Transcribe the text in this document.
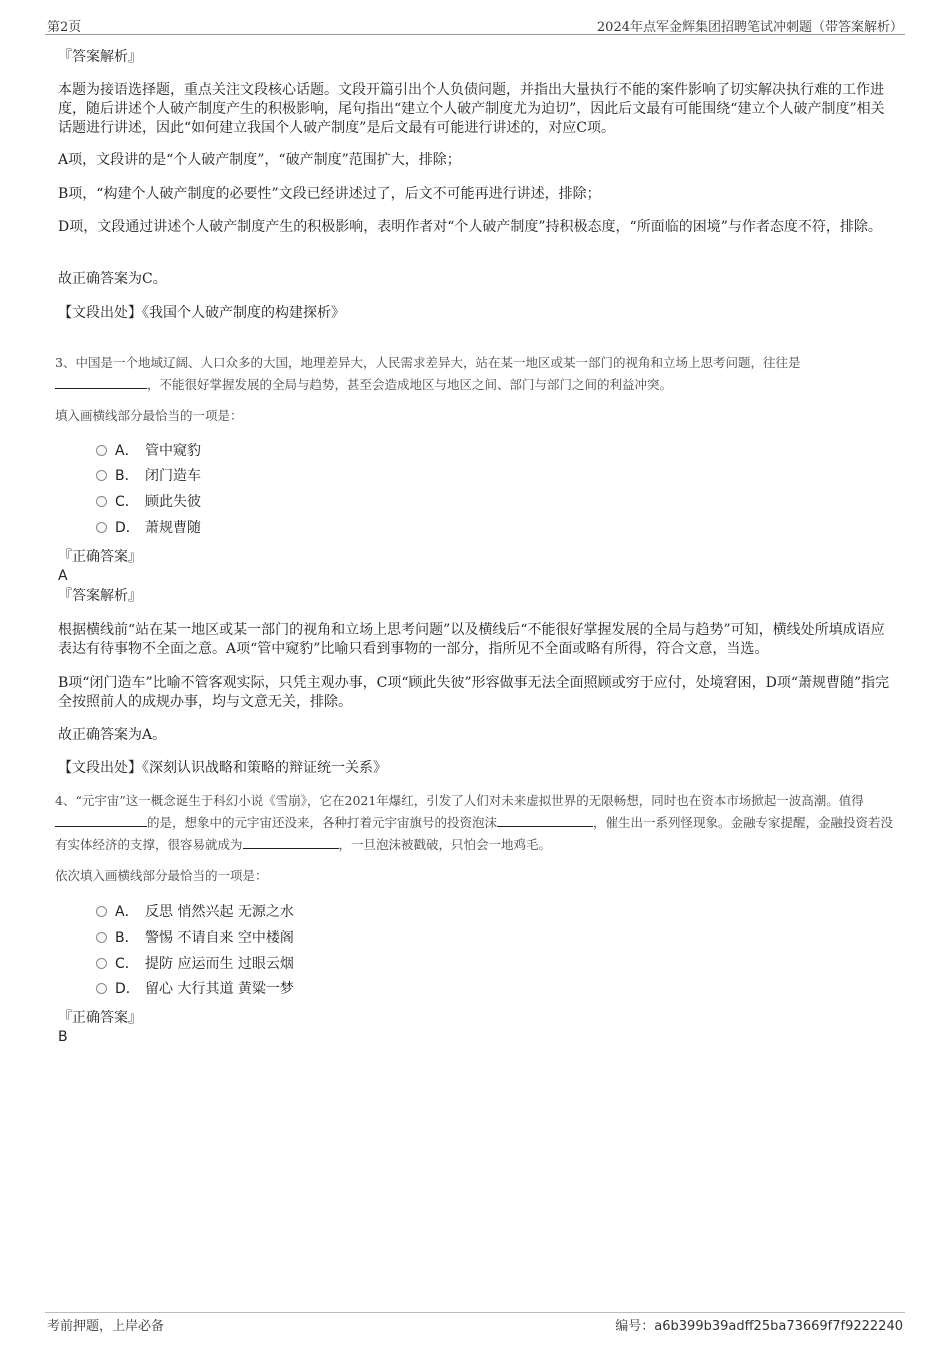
第2页	2024年点军金辉集团招聘笔试冲刺题（带答案解析）
『答案解析』
本题为接语选择题，重点关注文段核心话题。文段开篇引出个人负债问题，并指出大量执行不能的案件影响了切实解决执行难的工作进度，随后讲述个人破产制度产生的积极影响，尾句指出“建立个人破产制度尤为迫切”，因此后文最有可能围绕“建立个人破产制度”相关话题进行讲述，因此“如何建立我国个人破产制度”是后文最有可能进行讲述的，对应C项。
A项，文段讲的是“个人破产制度”，“破产制度”范围扩大，排除；
B项，“构建个人破产制度的必要性”文段已经讲述过了，后文不可能再进行讲述，排除；
D项，文段通过讲述个人破产制度产生的积极影响，表明作者对“个人破产制度”持积极态度，“所面临的困境”与作者态度不符，排除。
故正确答案为C。
【文段出处】《我国个人破产制度的构建探析》
3、中国是一个地域辽阔、人口众多的大国，地理差异大，人民需求差异大，站在某一地区或某一部门的视角和立场上思考问题，往往是
，不能很好掌握发展的全局与趋势，甚至会造成地区与地区之间、部门与部门之间的利益冲突。
填入画横线部分最恰当的一项是：
A． 管中窥豹
B． 闭门造车
C． 顾此失彼
D． 萧规曹随
『正确答案』
A
『答案解析』
根据横线前“站在某一地区或某一部门的视角和立场上思考问题”以及横线后“不能很好掌握发展的全局与趋势”可知，横线处所填成语应表达有待事物不全面之意。A项“管中窥豹”比喻只看到事物的一部分，指所见不全面或略有所得，符合文意，当选。
B项“闭门造车”比喻不管客观实际，只凭主观办事，C项“顾此失彼”形容做事无法全面照顾或穷于应付，处境窘困，D项“萧规曹随”指完全按照前人的成规办事，均与文意无关，排除。
故正确答案为A。
【文段出处】《深刻认识战略和策略的辩证统一关系》
4、“元宇宙”这一概念诞生于科幻小说《雪崩》，它在2021年爆红，引发了人们对未来虚拟世界的无限畅想，同时也在资本市场掀起一波高潮。值得的是，想象中的元宇宙还没来，各种打着元宇宙旗号的投资泡沫	，催生出一系列怪现象。金融专家提醒，金融投资若没有实体经济的支撑，很容易就成为	，一旦泡沫被戳破，只怕会一地鸡毛。
依次填入画横线部分最恰当的一项是：
A． 反思 悄然兴起 无源之水
B． 警惕 不请自来 空中楼阁
C． 提防 应运而生 过眼云烟
D． 留心 大行其道 黄粱一梦
『正确答案』
B
考前押题，上岸必备	编号：a6b399b39adff25ba73669f7f9222240
